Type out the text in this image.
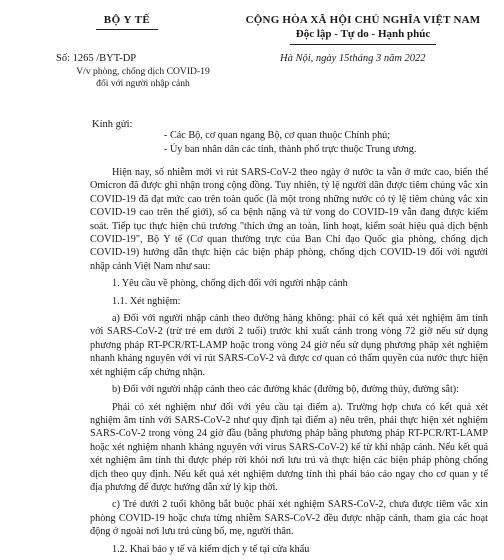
BỘ Y TẾ	CỘNG HÒA XÃ HỘI CHỦ NGHĨA VIỆT NAM
Độc lập - Tự do - Hạnh phúc
Số: 1265 /BYT-DP	Hà Nội, ngày 15tháng 3 năm 2022
V/v phòng, chống dịch COVID-19
đối với người nhập cảnh
Kính gửi:
- Các Bộ, cơ quan ngang Bộ, cơ quan thuộc Chính phủ;
- Ủy ban nhân dân các tỉnh, thành phố trực thuộc Trung ương.

Hiện nay, số nhiễm mới vì rút SARS-CoV-2 theo ngày ở nước ta vẫn ở mức cao, biến thể Omicron đã được ghi nhận trong cộng đồng. Tuy nhiên, tỷ lệ người dân được tiêm chủng vắc xin COVID-19 đã đạt mức cao trên toàn quốc (là một trong những nước có tỷ lệ tiêm chủng vắc xin COVID-19 cao trên thế giới), số ca bệnh nặng và tử vong do COVID-19 vẫn đang được kiểm soát. Tiếp tục thực hiện chủ trương "thích ứng an toàn, linh hoạt, kiểm soát hiệu quả dịch bệnh COVID-19", Bộ Y tế (Cơ quan thường trực của Ban Chỉ đạo Quốc gia phòng, chống dịch COVID-19) hướng dẫn thực hiện các biện pháp phòng, chống dịch COVID-19 đối với người nhập cảnh Việt Nam như sau:

1. Yêu cầu về phòng, chống dịch đối với người nhập cảnh

1.1. Xét nghiệm:

a) Đối với người nhập cảnh theo đường hàng không: phải có kết quả xét nghiệm âm tính với SARS-CoV-2 (trừ trẻ em dưới 2 tuổi) trước khi xuất cảnh trong vòng 72 giờ nếu sử dụng phương pháp RT-PCR/RT-LAMP hoặc trong vòng 24 giờ nếu sử dụng phương pháp xét nghiệm nhanh kháng nguyên với vi rút SARS-CoV-2 và được cơ quan có thẩm quyền của nước thực hiện xét nghiệm cấp chứng nhận.

b) Đối với người nhập cảnh theo các đường khác (đường bộ, đường thủy, đường sắt):

Phải có xét nghiệm như đối với yêu cầu tại điểm a). Trường hợp chưa có kết quả xét nghiệm âm tính với SARS-CoV-2 như quy định tại điểm a) nêu trên, phải thực hiện xét nghiệm SARS-CoV-2 trong vòng 24 giờ đầu (bằng phương pháp bằng phương pháp RT-PCR/RT-LAMP hoặc xét nghiệm nhanh kháng nguyên với virus SARS-CoV-2) kể từ khi nhập cảnh. Nếu kết quả xét nghiệm âm tính thì được phép rời khỏi nơi lưu trú và thực hiện các biện pháp phòng chống dịch theo quy định. Nếu kết quả xét nghiệm dương tính thì phải báo cáo ngay cho cơ quan y tế địa phương để được hướng dẫn xử lý kịp thời.

c) Trẻ dưới 2 tuổi không bắt buộc phải xét nghiệm SARS-CoV-2, chưa được tiêm vắc xin phòng COVID-19 hoặc chưa từng nhiễm SARS-CoV-2 đều được nhập cảnh, tham gia các hoạt động ở ngoài nơi lưu trú cùng bố, mẹ, người thân.

1.2. Khai báo y tế và kiểm dịch y tế tại cửa khẩu
